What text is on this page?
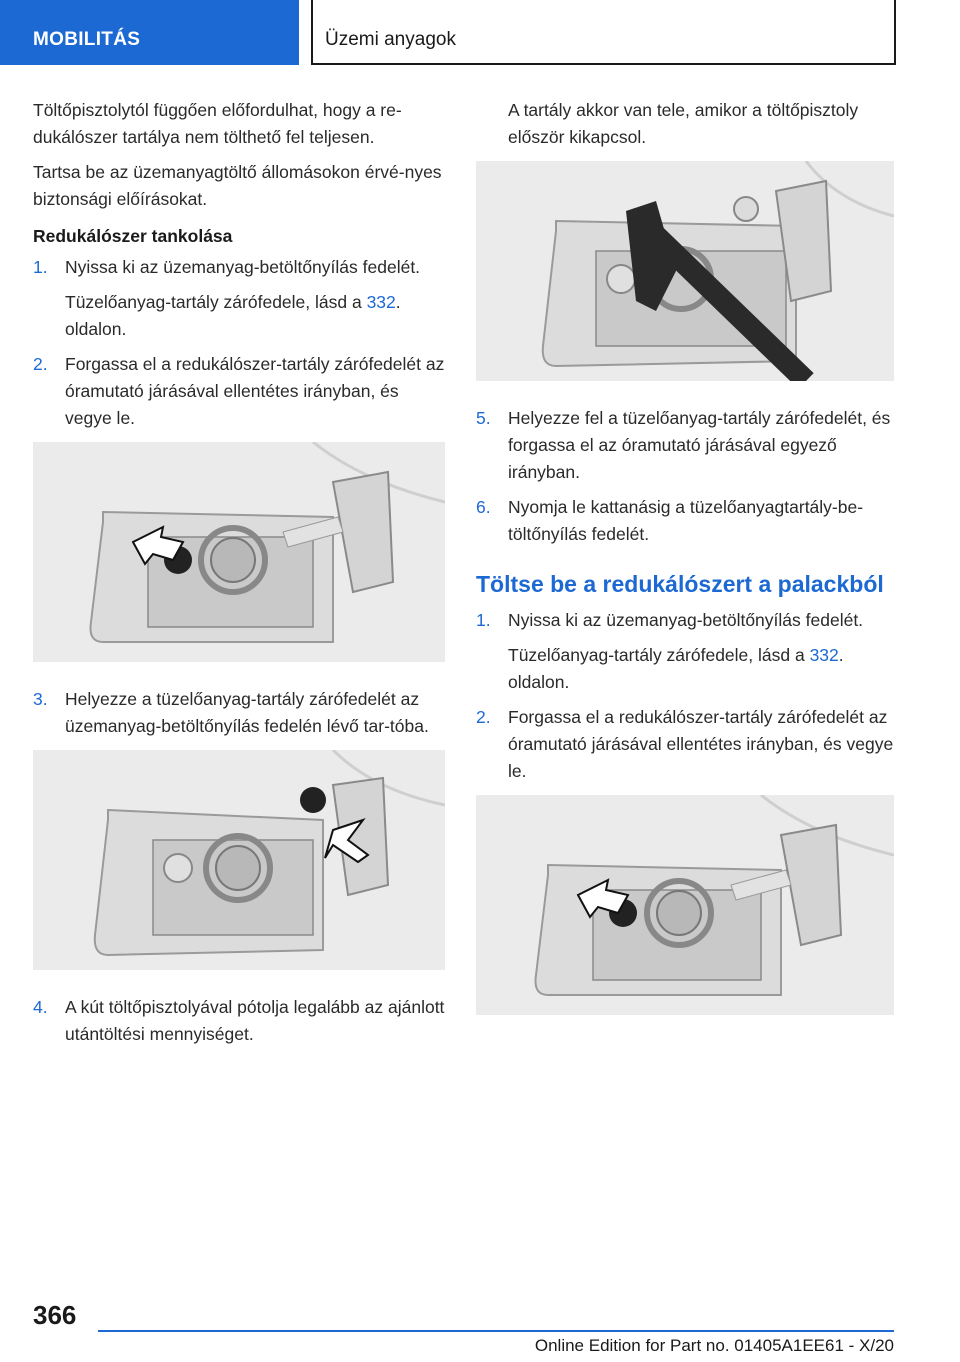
MOBILITÁS	Üzemi anyagok

Töltőpisztolytól függően előfordulhat, hogy a re‐dukálószer tartálya nem tölthető fel teljesen.

Tartsa be az üzemanyagtöltő állomásokon érvé‐nyes biztonsági előírásokat.

Redukálószer tankolása
1. Nyissa ki az üzemanyag-betöltőnyílás fedelét.
Tüzelőanyag-tartály zárófedele, lásd a 332. oldalon.
2. Forgassa el a redukálószer-tartály zárófedelét az óramutató járásával ellentétes irányban, és vegye le.
3. Helyezze a tüzelőanyag-tartály zárófedelét az üzemanyag-betöltőnyílás fedelén lévő tar‐tóba.
4. A kút töltőpisztolyával pótolja legalább az ajánlott utántöltési mennyiséget.

A tartály akkor van tele, amikor a töltőpisztoly először kikapcsol.

5. Helyezze fel a tüzelőanyag-tartály zárófedelét, és forgassa el az óramutató járásával egyező irányban.
6. Nyomja le kattanásig a tüzelőanyagtartály-be‐töltőnyílás fedelét.
Töltse be a redukálószert a palackból
1. Nyissa ki az üzemanyag-betöltőnyílás fedelét.
Tüzelőanyag-tartály zárófedele, lásd a 332. oldalon.
2. Forgassa el a redukálószer-tartály zárófedelét az óramutató járásával ellentétes irányban, és vegye le.
366
Online Edition for Part no. 01405A1EE61 - X/20
